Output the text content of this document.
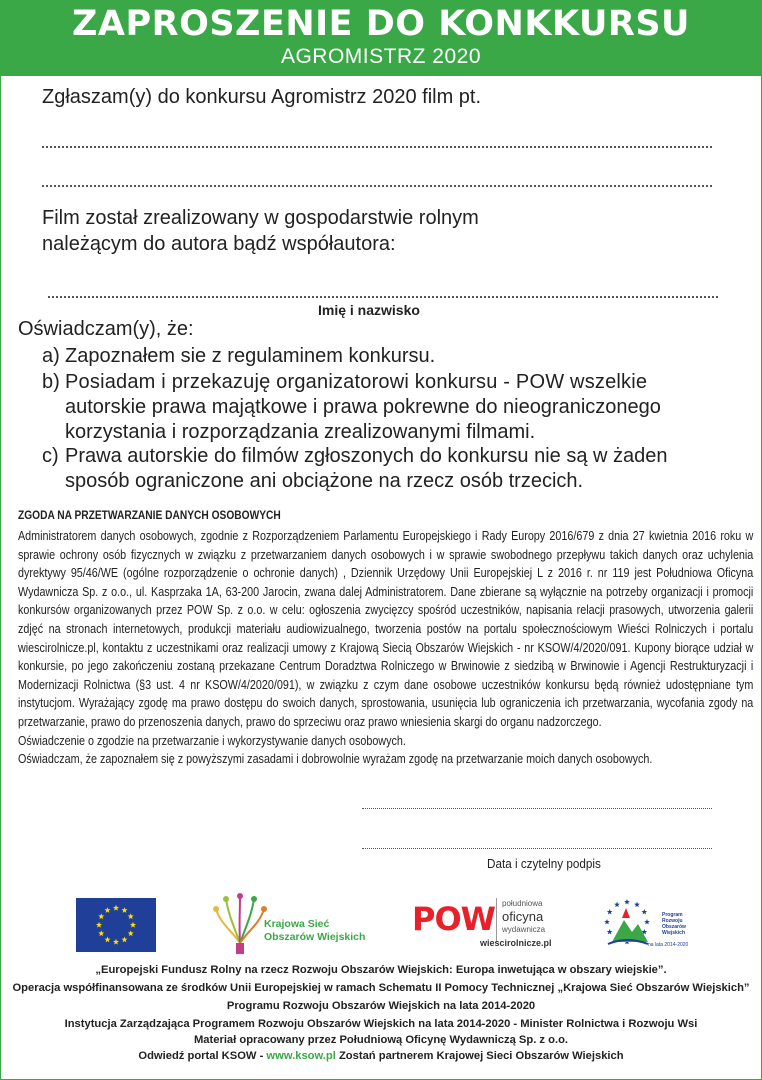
ZAPROSZENIE DO KONKKURSU
AGROMISTRZ 2020
Zgłaszam(y) do konkursu Agromistrz 2020 film pt.
Film został zrealizowany w gospodarstwie rolnym
należącym do autora bądź współautora:
Imię i nazwisko
Oświadczam(y), że:
a) Zapoznałem sie z regulaminem konkursu.
b) Posiadam i przekazuję organizatorowi konkursu - POW wszelkie
autorskie prawa majątkowe i prawa pokrewne do nieograniczonego
korzystania i rozporządzania zrealizowanymi filmami.
c) Prawa autorskie do filmów zgłoszonych do konkursu nie są w żaden
sposób ograniczone ani obciążone na rzecz osób trzecich.
ZGODA NA PRZETWARZANIE DANYCH OSOBOWYCH

Administratorem danych osobowych, zgodnie z Rozporządzeniem Parlamentu Europejskiego i Rady Europy 2016/679 z dnia 27 kwietnia 2016 roku w sprawie ochrony osób fizycznych w związku z przetwarzaniem danych osobowych i w sprawie swobodnego przepływu takich danych oraz uchylenia dyrektywy 95/46/WE (ogólne rozporządzenie o ochronie danych) , Dziennik Urzędowy Unii Europejskiej L z 2016 r. nr 119 jest Południowa Oficyna Wydawnicza Sp. z o.o., ul. Kasprzaka 1A, 63-200 Jarocin, zwana dalej Administratorem. Dane zbierane są wyłącznie na potrzeby organizacji i promocji konkursów organizowanych przez POW Sp. z o.o. w celu: ogłoszenia zwycięzcy spośród uczestników, napisania relacji prasowych, utworzenia galerii zdjęć na stronach internetowych, produkcji materiału audiowizualnego, tworzenia postów na portalu społecznościowym Wieści Rolniczych i portalu wiescirolnicze.pl, kontaktu z uczestnikami oraz realizacji umowy z Krajową Siecią Obszarów Wiejskich - nr KSOW/4/2020/091. Kupony biorące udział w konkursie, po jego zakończeniu zostaną przekazane Centrum Doradztwa Rolniczego w Brwinowie z siedzibą w Brwinowie i Agencji Restrukturyzacji i Modernizacji Rolnictwa (§3 ust. 4 nr KSOW/4/2020/091), w związku z czym dane osobowe uczestników konkursu będą również udostępniane tym instytucjom. Wyrażający zgodę ma prawo dostępu do swoich danych, sprostowania, usunięcia lub ograniczenia ich przetwarzania, wycofania zgody na przetwarzanie, prawo do przenoszenia danych, prawo do sprzeciwu oraz prawo wniesienia skargi do organu nadzorczego.

Oświadczenie o zgodzie na przetwarzanie i wykorzystywanie danych osobowych.

Oświadczam, że zapoznałem się z powyższymi zasadami i dobrowolnie wyrażam zgodę na przetwarzanie moich danych osobowych.

Data i czytelny podpis
Krajowa Sieć
Obszarów Wiejskich POW południowa
oficyna
wydawnicza
wiescirolnicze.pl
Program
Rozwoju
Obszarów
Wiejskich
na lata 2014-2020
„Europejski Fundusz Rolny na rzecz Rozwoju Obszarów Wiejskich: Europa inwetująca w obszary wiejskie”.
Operacja współfinansowana ze środków Unii Europejskiej w ramach Schematu II Pomocy Technicznej „Krajowa Sieć Obszarów Wiejskich”
Programu Rozwoju Obszarów Wiejskich na lata 2014-2020
Instytucja Zarządzająca Programem Rozwoju Obszarów Wiejskich na lata 2014-2020 - Minister Rolnictwa i Rozwoju Wsi
Materiał opracowany przez Południową Oficynę Wydawniczą Sp. z o.o.
Odwiedź portal KSOW - www.ksow.pl Zostań partnerem Krajowej Sieci Obszarów Wiejskich
